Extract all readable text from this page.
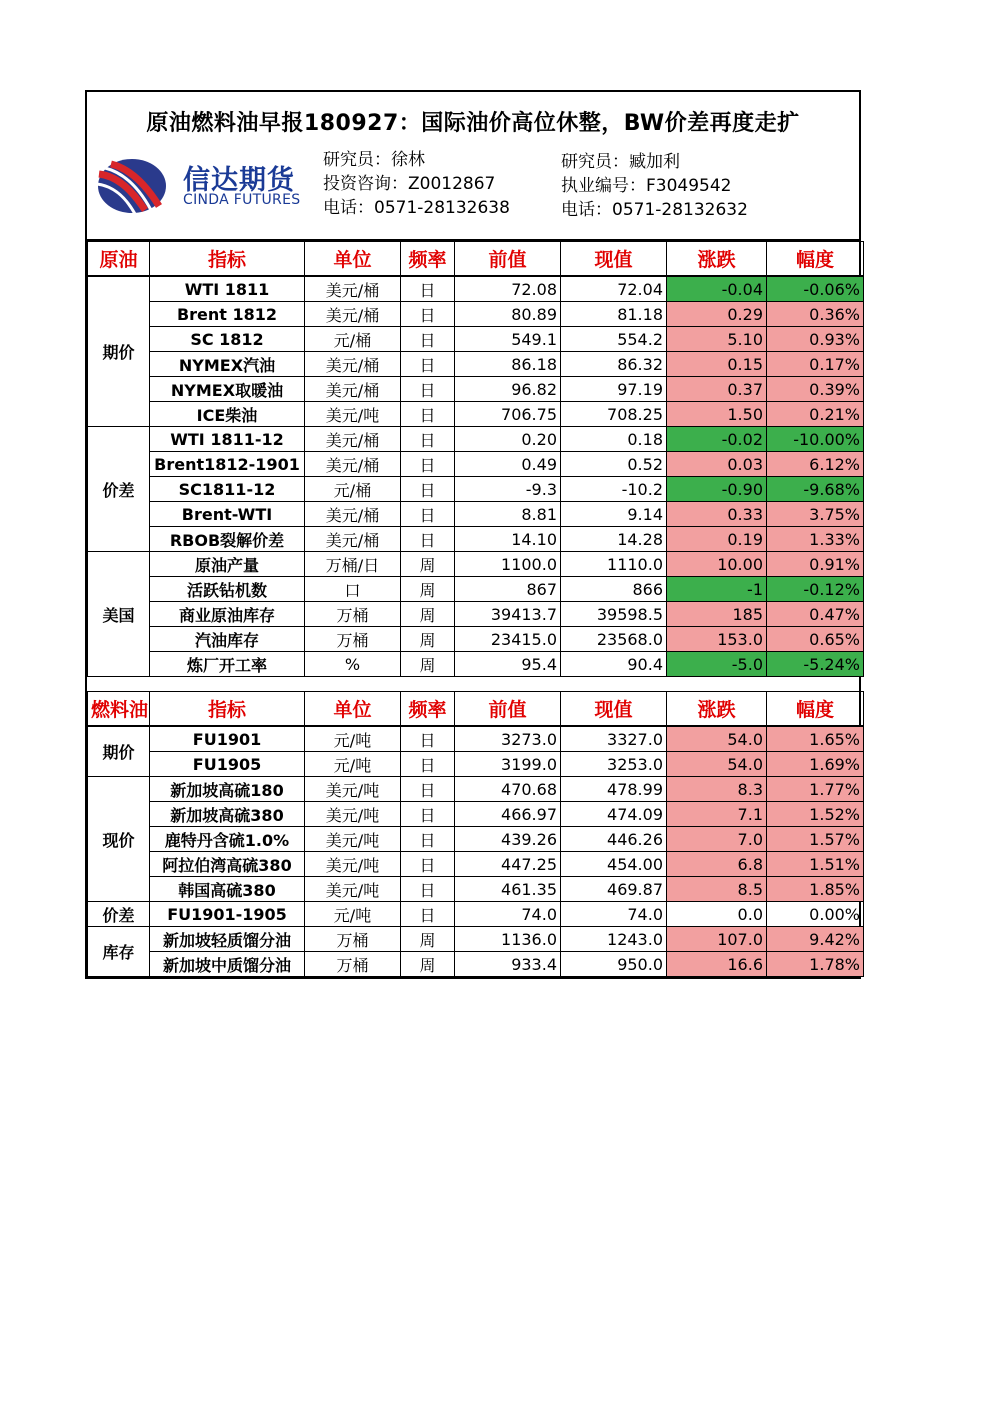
原油燃料油早报180927：国际油价高位休整，BW价差再度走扩
信达期货
CINDA FUTURES
研究员：徐林
投资咨询：Z0012867
电话：0571-28132638
研究员：臧加利
执业编号：F3049542
电话：0571-28132632
原油	指标	单位	频率	前值	现值	涨跌	幅度
期价	WTI 1811	美元/桶	日	72.08	72.04	-0.04	-0.06%
	Brent 1812	美元/桶	日	80.89	81.18	0.29	0.36%
	SC 1812	元/桶	日	549.1	554.2	5.10	0.93%
	NYMEX汽油	美元/桶	日	86.18	86.32	0.15	0.17%
	NYMEX取暖油	美元/桶	日	96.82	97.19	0.37	0.39%
	ICE柴油	美元/吨	日	706.75	708.25	1.50	0.21%
价差	WTI 1811-12	美元/桶	日	0.20	0.18	-0.02	-10.00%
	Brent1812-1901	美元/桶	日	0.49	0.52	0.03	6.12%
	SC1811-12	元/桶	日	-9.3	-10.2	-0.90	-9.68%
	Brent-WTI	美元/桶	日	8.81	9.14	0.33	3.75%
	RBOB裂解价差	美元/桶	日	14.10	14.28	0.19	1.33%
美国	原油产量	万桶/日	周	1100.0	1110.0	10.00	0.91%
	活跃钻机数	口	周	867	866	-1	-0.12%
	商业原油库存	万桶	周	39413.7	39598.5	185	0.47%
	汽油库存	万桶	周	23415.0	23568.0	153.0	0.65%
	炼厂开工率	%	周	95.4	90.4	-5.0	-5.24%

燃料油	指标	单位	频率	前值	现值	涨跌	幅度
期价	FU1901	元/吨	日	3273.0	3327.0	54.0	1.65%
	FU1905	元/吨	日	3199.0	3253.0	54.0	1.69%
现价	新加坡高硫180	美元/吨	日	470.68	478.99	8.3	1.77%
	新加坡高硫380	美元/吨	日	466.97	474.09	7.1	1.52%
	鹿特丹含硫1.0%	美元/吨	日	439.26	446.26	7.0	1.57%
	阿拉伯湾高硫380	美元/吨	日	447.25	454.00	6.8	1.51%
	韩国高硫380	美元/吨	日	461.35	469.87	8.5	1.85%
价差	FU1901-1905	元/吨	日	74.0	74.0	0.0	0.00%
库存	新加坡轻质馏分油	万桶	周	1136.0	1243.0	107.0	9.42%
	新加坡中质馏分油	万桶	周	933.4	950.0	16.6	1.78%
